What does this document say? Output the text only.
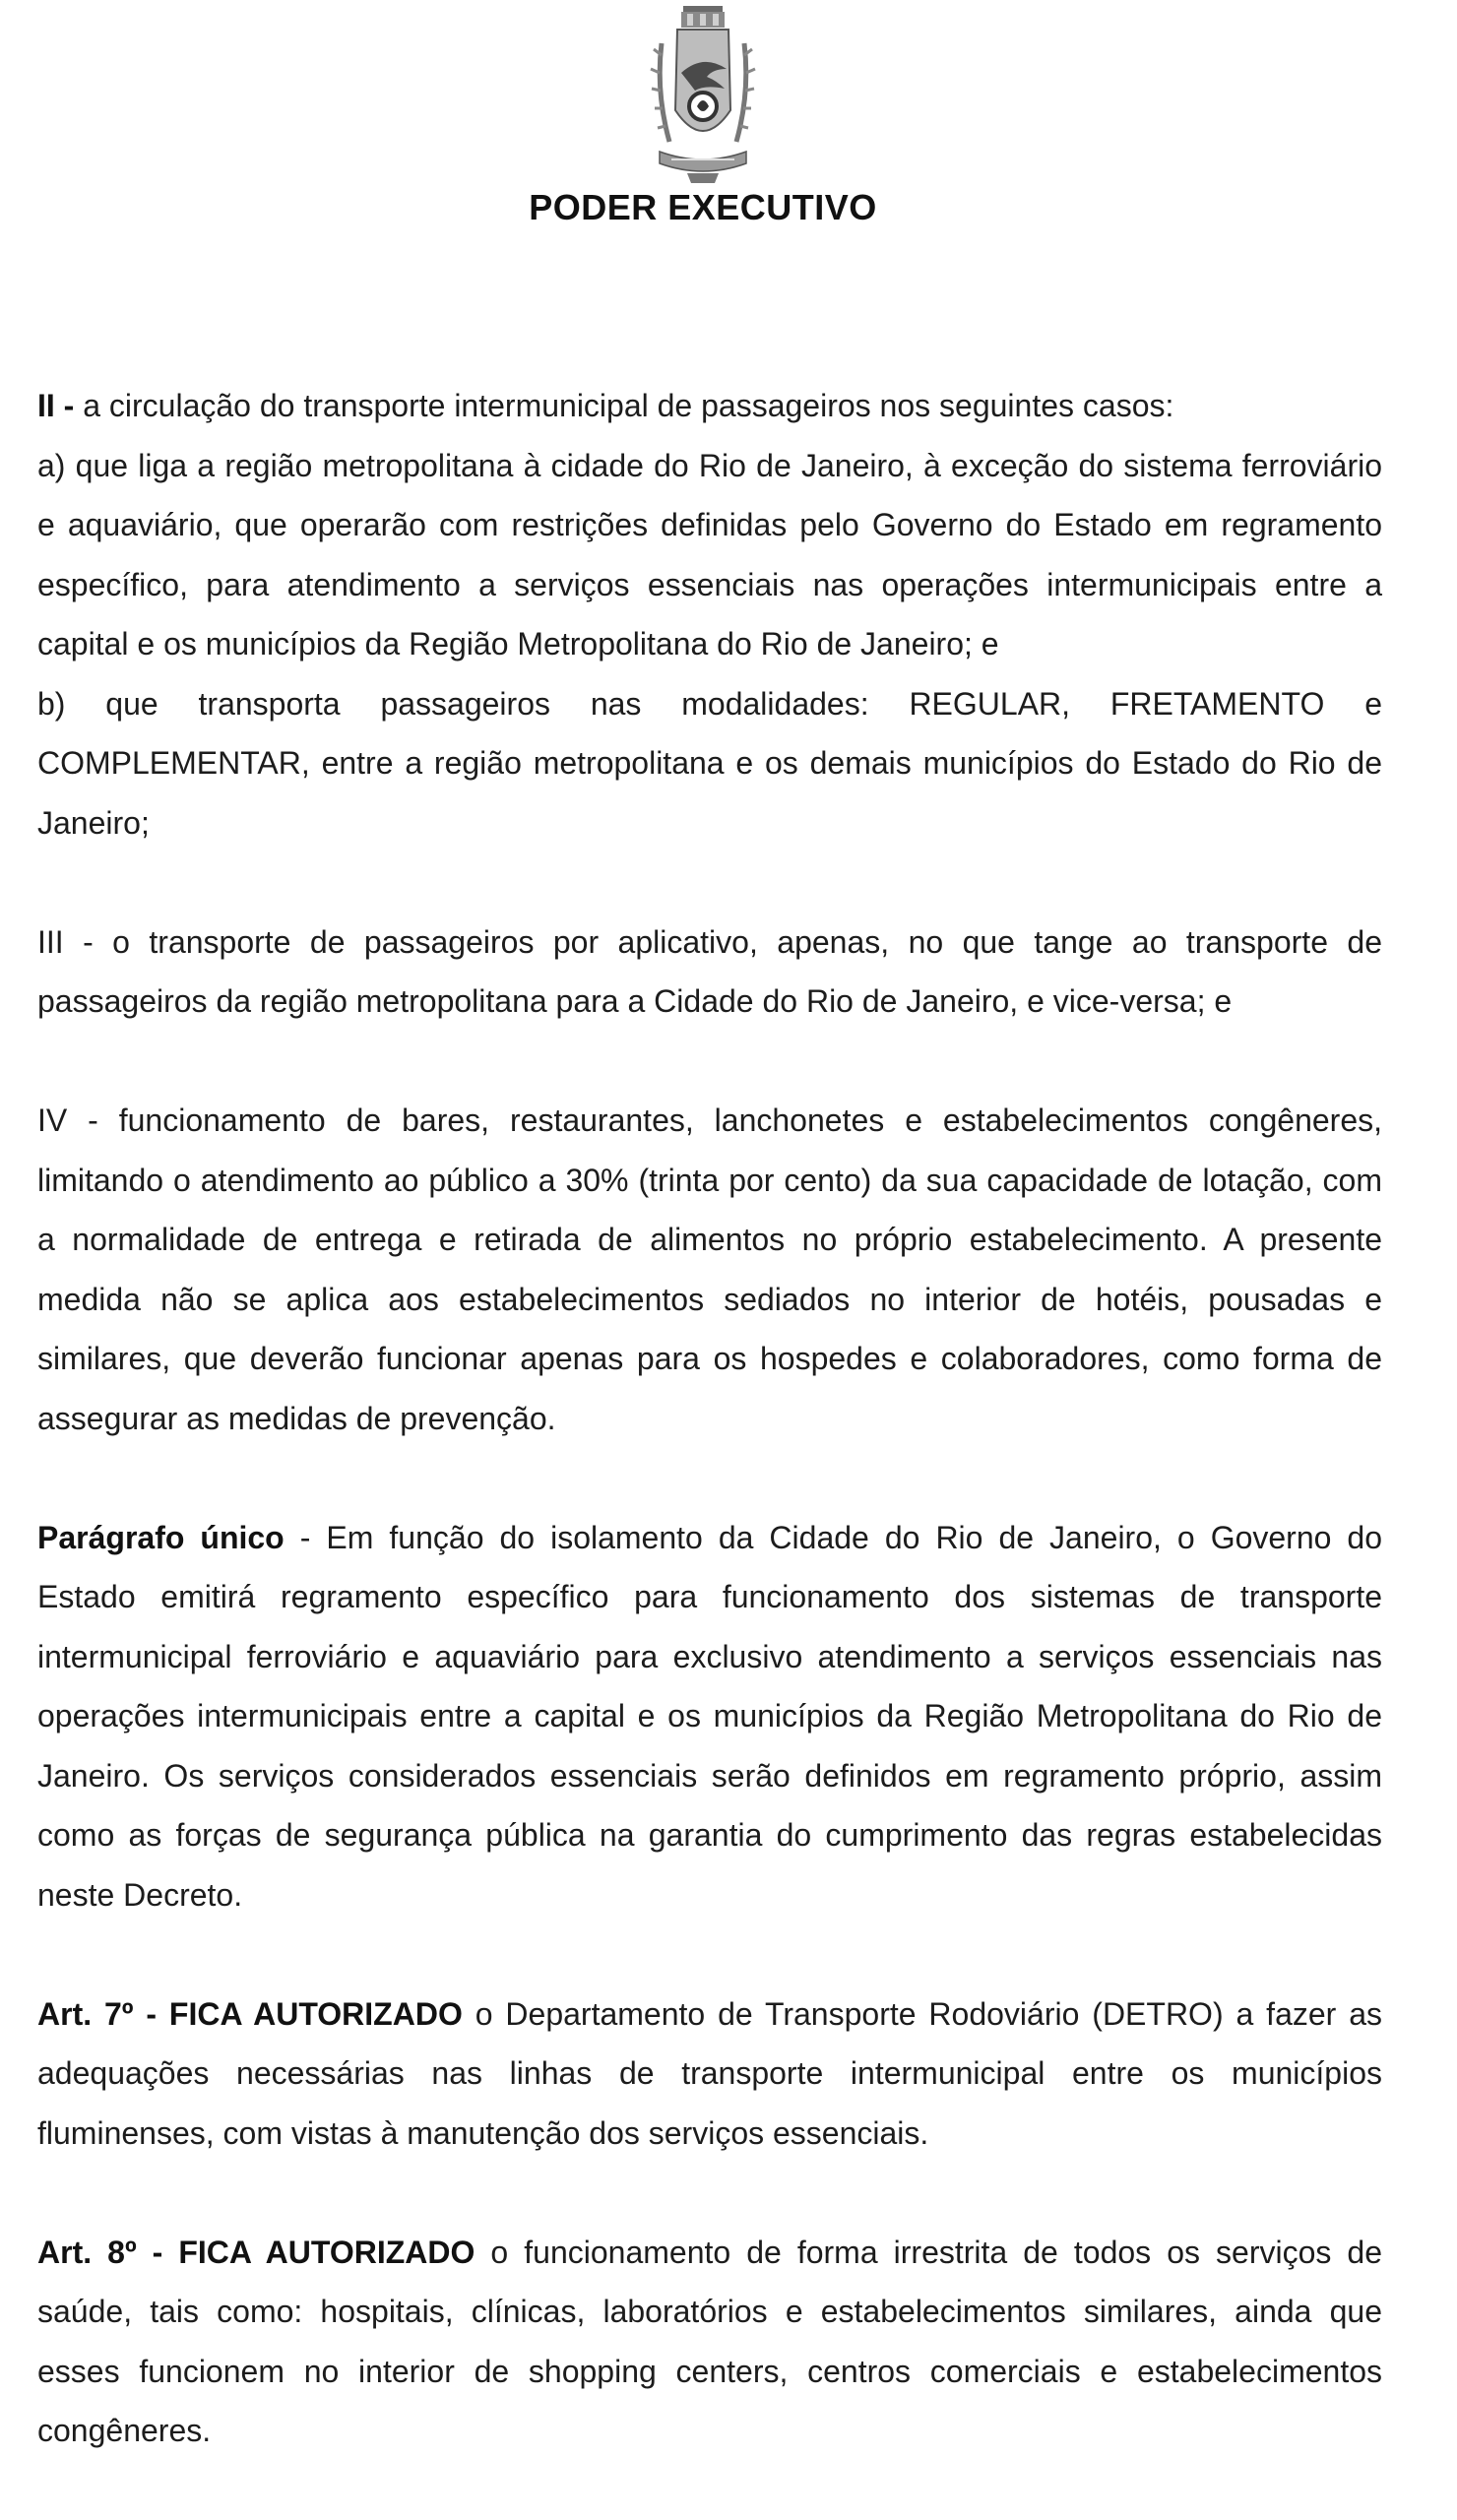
PODER EXECUTIVO

II - a circulação do transporte intermunicipal de passageiros nos seguintes casos:

a) que liga a região metropolitana à cidade do Rio de Janeiro, à exceção do sistema ferroviário e aquaviário, que operarão com restrições definidas pelo Governo do Estado em regramento específico, para atendimento a serviços essenciais nas operações intermunicipais entre a capital e os municípios da Região Metropolitana do Rio de Janeiro; e

b) que transporta passageiros nas modalidades: REGULAR, FRETAMENTO e COMPLEMENTAR, entre a região metropolitana e os demais municípios do Estado do Rio de Janeiro;

III - o transporte de passageiros por aplicativo, apenas, no que tange ao transporte de passageiros da região metropolitana para a Cidade do Rio de Janeiro, e vice-versa; e

IV - funcionamento de bares, restaurantes, lanchonetes e estabelecimentos congêneres, limitando o atendimento ao público a 30% (trinta por cento) da sua capacidade de lotação, com a normalidade de entrega e retirada de alimentos no próprio estabelecimento. A presente medida não se aplica aos estabelecimentos sediados no interior de hotéis, pousadas e similares, que deverão funcionar apenas para os hospedes e colaboradores, como forma de assegurar as medidas de prevenção.

Parágrafo único - Em função do isolamento da Cidade do Rio de Janeiro, o Governo do Estado emitirá regramento específico para funcionamento dos sistemas de transporte intermunicipal ferroviário e aquaviário para exclusivo atendimento a serviços essenciais nas operações intermunicipais entre a capital e os municípios da Região Metropolitana do Rio de Janeiro. Os serviços considerados essenciais serão definidos em regramento próprio, assim como as forças de segurança pública na garantia do cumprimento das regras estabelecidas neste Decreto.

Art. 7º - FICA AUTORIZADO o Departamento de Transporte Rodoviário (DETRO) a fazer as adequações necessárias nas linhas de transporte intermunicipal entre os municípios fluminenses, com vistas à manutenção dos serviços essenciais.

Art. 8º - FICA AUTORIZADO o funcionamento de forma irrestrita de todos os serviços de saúde, tais como: hospitais, clínicas, laboratórios e estabelecimentos similares, ainda que esses funcionem no interior de shopping centers, centros comerciais e estabelecimentos congêneres.
